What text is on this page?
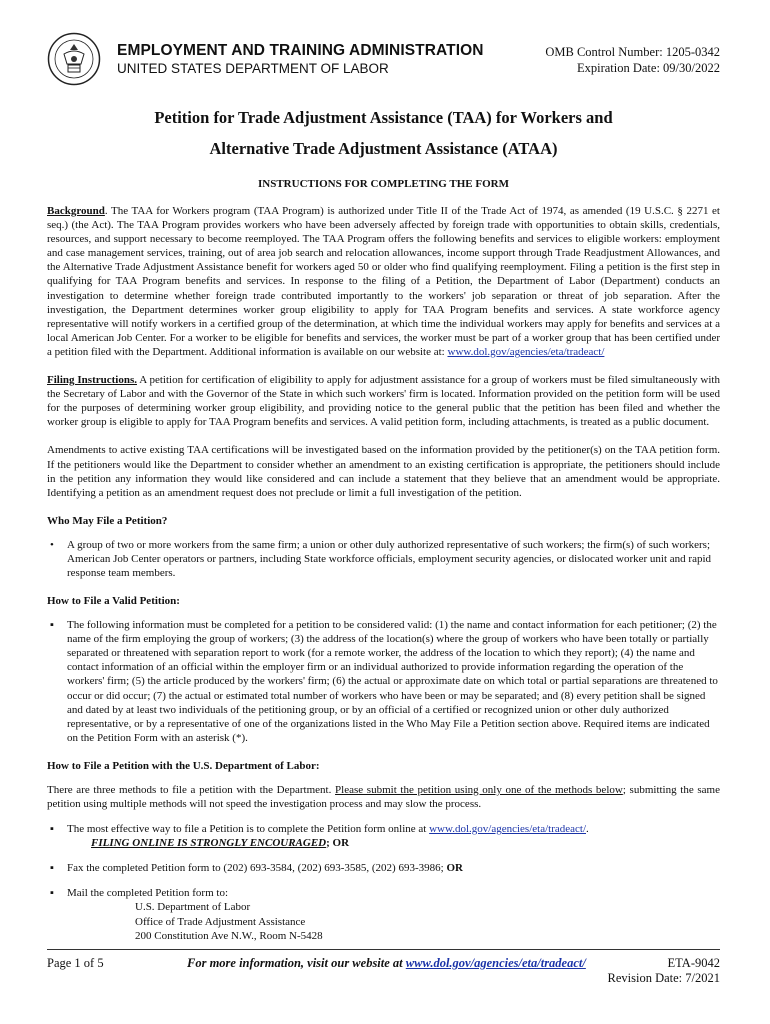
EMPLOYMENT AND TRAINING ADMINISTRATION
UNITED STATES DEPARTMENT OF LABOR
OMB Control Number: 1205-0342
Expiration Date: 09/30/2022
Petition for Trade Adjustment Assistance (TAA) for Workers and
Alternative Trade Adjustment Assistance (ATAA)
INSTRUCTIONS FOR COMPLETING THE FORM

Background. The TAA for Workers program (TAA Program) is authorized under Title II of the Trade Act of 1974, as amended (19 U.S.C. § 2271 et seq.) (the Act). The TAA Program provides workers who have been adversely affected by foreign trade with opportunities to obtain skills, credentials, resources, and support necessary to become reemployed. The TAA Program offers the following benefits and services to eligible workers: employment and case management services, training, out of area job search and relocation allowances, income support through Trade Readjustment Allowances, and the Alternative Trade Adjustment Assistance benefit for workers aged 50 or older who find qualifying reemployment. Filing a petition is the first step in qualifying for TAA Program benefits and services. In response to the filing of a Petition, the Department of Labor (Department) conducts an investigation to determine whether foreign trade contributed importantly to the workers' job separation or threat of job separation. After the investigation, the Department determines worker group eligibility to apply for TAA Program benefits and services. A state workforce agency representative will notify workers in a certified group of the determination, at which time the individual workers may apply for benefits and services at a local American Job Center. For a worker to be eligible for benefits and services, the worker must be part of a worker group that has been certified under a petition filed with the Department. Additional information is available on our website at: www.dol.gov/agencies/eta/tradeact/

Filing Instructions. A petition for certification of eligibility to apply for adjustment assistance for a group of workers must be filed simultaneously with the Secretary of Labor and with the Governor of the State in which such workers' firm is located. Information provided on the petition form will be used for the purposes of determining worker group eligibility, and providing notice to the general public that the petition has been filed and whether the worker group is eligible to apply for TAA Program benefits and services. A valid petition form, including attachments, is treated as a public document.

Amendments to active existing TAA certifications will be investigated based on the information provided by the petitioner(s) on the TAA petition form. If the petitioners would like the Department to consider whether an amendment to an existing certification is appropriate, the petitioners should include in the petition any information they would like considered and can include a statement that they believe that an amendment would be appropriate. Identifying a petition as an amendment request does not preclude or limit a full investigation of the petition.

Who May File a Petition?
• A group of two or more workers from the same firm; a union or other duly authorized representative of such workers; the firm(s) of such workers; American Job Center operators or partners, including State workforce officials, employment security agencies, or dislocated worker unit and rapid response team members.
How to File a Valid Petition:
▪ The following information must be completed for a petition to be considered valid: (1) the name and contact information for each petitioner; (2) the name of the firm employing the group of workers; (3) the address of the location(s) where the group of workers who have been totally or partially separated or threatened with separation report to work (for a remote worker, the address of the location to which they report); (4) the name and contact information of an official within the employer firm or an individual authorized to provide information regarding the operation of the workers' firm; (5) the article produced by the workers' firm; (6) the actual or approximate date on which total or partial separations are threatened to occur or did occur; (7) the actual or estimated total number of workers who have been or may be separated; and (8) every petition shall be signed and dated by at least two individuals of the petitioning group, or by an official of a certified or recognized union or other duly authorized representative, or by a representative of one of the organizations listed in the Who May File a Petition section above. Required items are indicated on the Petition Form with an asterisk (*).
How to File a Petition with the U.S. Department of Labor:

There are three methods to file a petition with the Department. Please submit the petition using only one of the methods below; submitting the same petition using multiple methods will not speed the investigation process and may slow the process.

▪ The most effective way to file a Petition is to complete the Petition form online at www.dol.gov/agencies/eta/tradeact/.
FILING ONLINE IS STRONGLY ENCOURAGED; OR
▪ Fax the completed Petition form to (202) 693-3584, (202) 693-3585, (202) 693-3986; OR
▪ Mail the completed Petition form to:
U.S. Department of Labor
Office of Trade Adjustment Assistance
200 Constitution Ave N.W., Room N-5428
Page 1 of 5	For more information, visit our website at www.dol.gov/agencies/eta/tradeact/	ETA-9042
Revision Date: 7/2021
